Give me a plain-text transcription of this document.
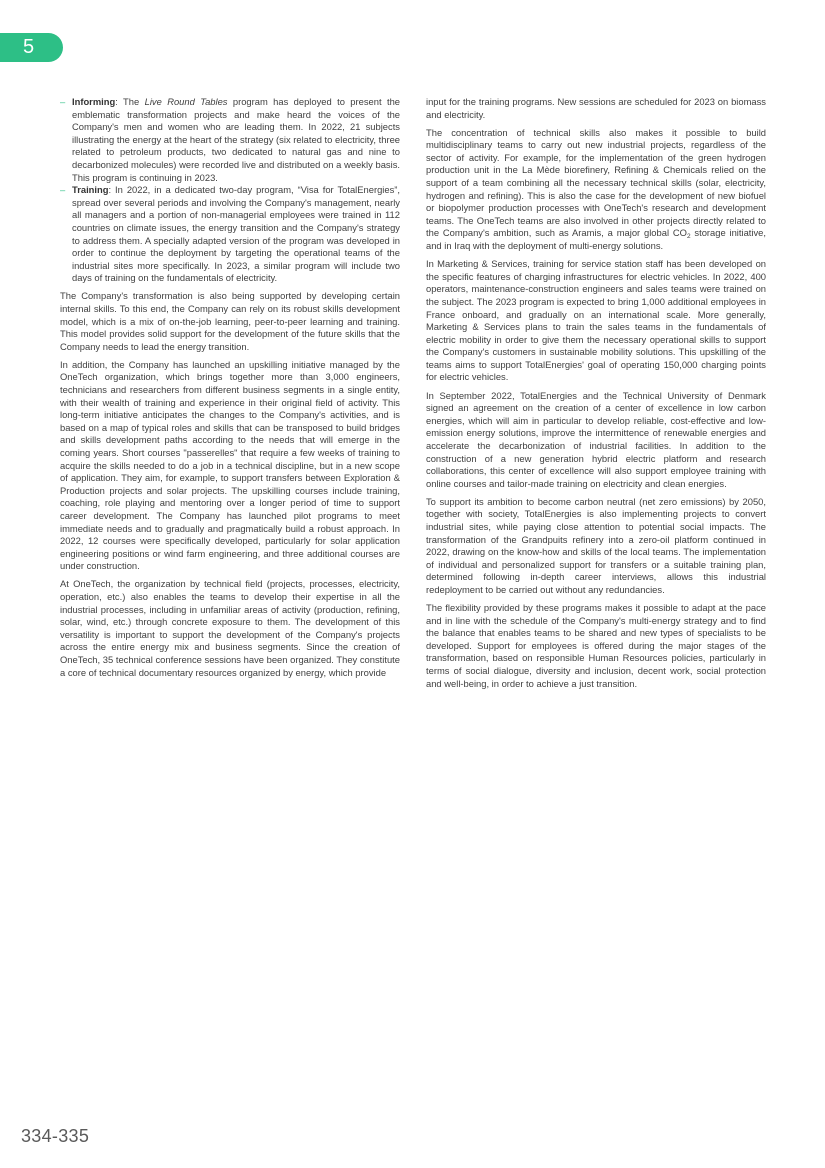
5
– Informing: The Live Round Tables program has deployed to present the emblematic transformation projects and make heard the voices of the Company's men and women who are leading them. In 2022, 21 subjects illustrating the energy at the heart of the strategy (six related to electricity, three related to petroleum products, two dedicated to natural gas and nine to decarbonized molecules) were recorded live and distributed on a weekly basis. This program is continuing in 2023.
– Training: In 2022, in a dedicated two-day program, “Visa for TotalEnergies”, spread over several periods and involving the Company's management, nearly all managers and a portion of non-managerial employees were trained in 112 countries on climate issues, the energy transition and the Company's strategy to address them. A specially adapted version of the program was developed in order to continue the deployment by targeting the operational teams of the industrial sites more specifically. In 2023, a similar program will include two days of training on the fundamentals of electricity.

The Company's transformation is also being supported by developing certain internal skills. To this end, the Company can rely on its robust skills development model, which is a mix of on-the-job learning, peer-to-peer learning and training. This model provides solid support for the development of the future skills that the Company needs to lead the energy transition.

In addition, the Company has launched an upskilling initiative managed by the OneTech organization, which brings together more than 3,000 engineers, technicians and researchers from different business segments in a single entity, with their wealth of training and experience in their original field of activity. This long-term initiative anticipates the changes to the Company's activities, and is based on a map of typical roles and skills that can be transposed to build bridges and skills development paths according to the needs that will emerge in the coming years. Short courses "passerelles" that require a few weeks of training to acquire the skills needed to do a job in a technical discipline, but in a new scope of application. They aim, for example, to support transfers between Exploration & Production projects and solar projects. The upskilling courses include training, coaching, role playing and mentoring over a longer period of time to support career development. The Company has launched pilot programs to meet immediate needs and to gradually and pragmatically build a robust approach. In 2022, 12 courses were specifically developed, particularly for solar application engineering positions or wind farm engineering, and three additional courses are under construction.

At OneTech, the organization by technical field (projects, processes, electricity, operation, etc.) also enables the teams to develop their expertise in all the industrial processes, including in unfamiliar areas of activity (production, refining, solar, wind, etc.) through concrete exposure to them. The development of this versatility is important to support the development of the Company's projects across the entire energy mix and business segments. Since the creation of OneTech, 35 technical conference sessions have been organized. They constitute a core of technical documentary resources organized by energy, which provide

input for the training programs. New sessions are scheduled for 2023 on biomass and electricity.

The concentration of technical skills also makes it possible to build multidisciplinary teams to carry out new industrial projects, regardless of the sector of activity. For example, for the implementation of the green hydrogen production unit in the La Mède biorefinery, Refining & Chemicals relied on the support of a team combining all the necessary technical skills (solar, electricity, hydrogen and refining). This is also the case for the development of new biofuel or biopolymer production processes with OneTech's research and development teams. The OneTech teams are also involved in other projects directly related to the Company's ambition, such as Aramis, a major global $CO_2$ storage initiative, and in Iraq with the deployment of multi-energy solutions.

In Marketing & Services, training for service station staff has been developed on the specific features of charging infrastructures for electric vehicles. In 2022, 400 operators, maintenance-construction engineers and sales teams were trained on the subject. The 2023 program is expected to bring 1,000 additional employees in France onboard, and gradually on an international scale. More generally, Marketing & Services plans to train the sales teams in the fundamentals of electric mobility in order to give them the necessary operational skills to support the Company's customers in sustainable mobility solutions. This upskilling of the teams aims to support TotalEnergies' goal of operating 150,000 charging points for electric vehicles.

In September 2022, TotalEnergies and the Technical University of Denmark signed an agreement on the creation of a center of excellence in low carbon energies, which will aim in particular to develop reliable, cost-effective and low-emission energy solutions, improve the intermittence of renewable energies and accelerate the decarbonization of industrial facilities. In addition to the construction of a new generation hybrid electric platform and research collaborations, this center of excellence will also support employee training with online courses and tailor-made training on electricity and clean energies.

To support its ambition to become carbon neutral (net zero emissions) by 2050, together with society, TotalEnergies is also implementing projects to convert industrial sites, while paying close attention to potential social impacts. The transformation of the Grandpuits refinery into a zero-oil platform continued in 2022, drawing on the know-how and skills of the local teams. The implementation of individual and personalized support for transfers or a suitable training plan, determined following in-depth career interviews, allows this industrial redeployment to be carried out without any redundancies.

The flexibility provided by these programs makes it possible to adapt at the pace and in line with the schedule of the Company's multi-energy strategy and to find the balance that enables teams to be shared and new types of specialists to be developed. Support for employees is offered during the major stages of the transformation, based on responsible Human Resources policies, particularly in terms of social dialogue, diversity and inclusion, decent work, social protection and well-being, in order to achieve a just transition.

334-335
